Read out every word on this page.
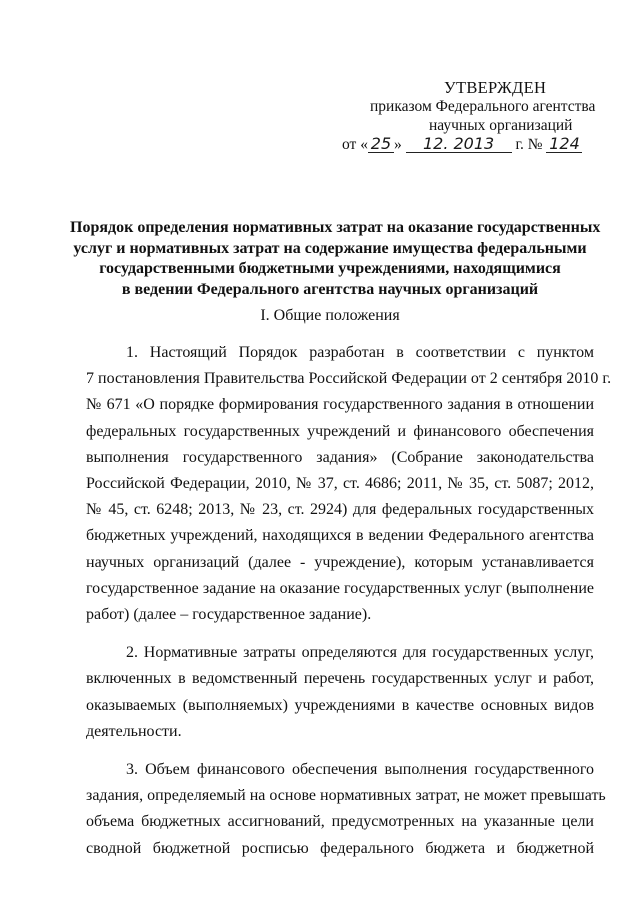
УТВЕРЖДЕН
приказом Федерального агентства
научных организаций
от « 25 » 12. 2013 г. № 124
Порядок определения нормативных затрат на оказание государственных
услуг и нормативных затрат на содержание имущества федеральными
государственными бюджетными учреждениями, находящимися
в ведении Федерального агентства научных организаций
I. Общие положения

1. Настоящий Порядок разработан в соответствии с пунктом
7 постановления Правительства Российской Федерации от 2 сентября 2010 г.
№ 671 «О порядке формирования государственного задания в отношении
федеральных государственных учреждений и финансового обеспечения
выполнения государственного задания» (Собрание законодательства
Российской Федерации, 2010, № 37, ст. 4686; 2011, № 35, ст. 5087; 2012,
№ 45, ст. 6248; 2013, № 23, ст. 2924) для федеральных государственных
бюджетных учреждений, находящихся в ведении Федерального агентства
научных организаций (далее - учреждение), которым устанавливается
государственное задание на оказание государственных услуг (выполнение
работ) (далее – государственное задание).

2. Нормативные затраты определяются для государственных услуг,
включенных в ведомственный перечень государственных услуг и работ,
оказываемых (выполняемых) учреждениями в качестве основных видов
деятельности.

3. Объем финансового обеспечения выполнения государственного
задания, определяемый на основе нормативных затрат, не может превышать
объема бюджетных ассигнований, предусмотренных на указанные цели
сводной бюджетной росписью федерального бюджета и бюджетной
